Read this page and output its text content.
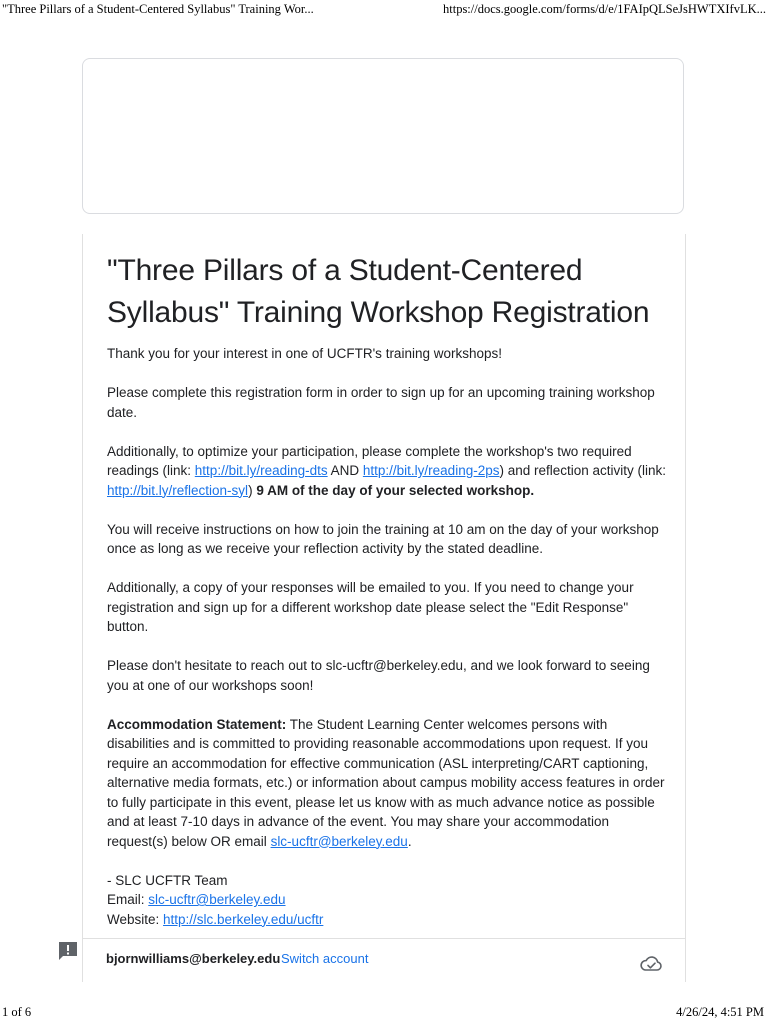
"Three Pillars of a Student-Centered Syllabus" Training Wor...	https://docs.google.com/forms/d/e/1FAIpQLSeJsHWTXIfvLK...
"Three Pillars of a Student-Centered Syllabus" Training Workshop Registration

Thank you for your interest in one of UCFTR's training workshops!

Please complete this registration form in order to sign up for an upcoming training workshop date.

Additionally, to optimize your participation, please complete the workshop's two required readings (link: http://bit.ly/reading-dts AND http://bit.ly/reading-2ps) and reflection activity (link: http://bit.ly/reflection-syl) 9 AM of the day of your selected workshop.

You will receive instructions on how to join the training at 10 am on the day of your workshop once as long as we receive your reflection activity by the stated deadline.

Additionally, a copy of your responses will be emailed to you. If you need to change your registration and sign up for a different workshop date please select the "Edit Response" button.

Please don't hesitate to reach out to slc-ucftr@berkeley.edu, and we look forward to seeing you at one of our workshops soon!

Accommodation Statement: The Student Learning Center welcomes persons with disabilities and is committed to providing reasonable accommodations upon request. If you require an accommodation for effective communication (ASL interpreting/CART captioning, alternative media formats, etc.) or information about campus mobility access features in order to fully participate in this event, please let us know with as much advance notice as possible and at least 7-10 days in advance of the event. You may share your accommodation request(s) below OR email slc-ucftr@berkeley.edu.

- SLC UCFTR Team

Email: slc-ucftr@berkeley.edu

Website: http://slc.berkeley.edu/ucftr

bjornwilliams@berkeley.edu Switch account
1 of 6	4/26/24, 4:51 PM
